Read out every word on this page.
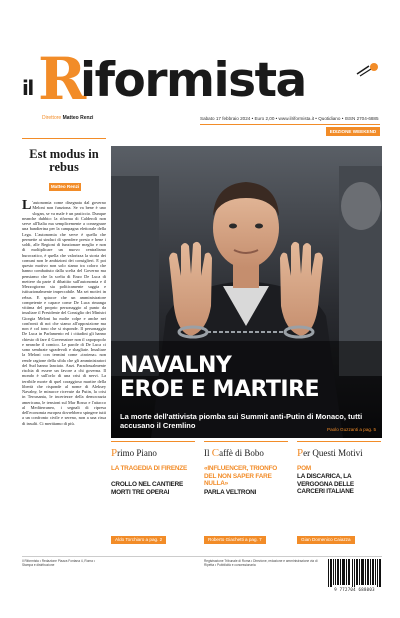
il R
iformista
Direttore Matteo Renzi	Sabato 17 febbraio 2024 • Euro 2,00 • www.ilriformista.it • Quotidiano • ISSN 2704-6885
EDIZIONE WEEKEND
Est modus in rebus
Matteo Renzi
L 'autonomia come disegnata dal governo Meloni non funziona. Se va bene è uno slogan, se va male è un pasticcio. Dunque neanche dubbio: la riforma di Calderoli non serve all'Italia ma semplicemente a consegnare una bandierina per la campagna elettorale della Lega. L'autonomia che serve è quella che permette ai sindaci di spendere presto e bene i soldi, alle Regioni di funzionare meglio e non di moltiplicare un nuovo centralismo burocratico, è quella che valorizza la storia dei comuni non le ambizioni dei consiglieri. E poi questo motivo non solo siamo tra coloro che hanno combattuto dalla scelta del Governo ma pensiamo che la scelta di Enzo De Luca di mettere da parte il dibattito sull'autonomia e il Mezzogiorno sia politicamente saggia e istituzionalmente impeccabile. Ma sei motivi in rebus. E spiacce che un amministratore competente e capace come De Luca rimanga vittima del proprio personaggio al punto da insultare il Presidente del Consiglio dei Ministri Giorgia Meloni ha molte colpe e anche nei confronti di noi che siamo all'opposizione ma non è col tono che si risponde. Il personaggio De Luca in Parlamento ed i cittadini gli hanno chiesto di fare il Governatore non il capopopolo e neanche il comico. Le parole di De Luca ci sono sembrate sgradevoli e sbagliate. Insultare la Meloni con termini come «troiena» non rende ragione della sfida che gli amministratori del Sud hanno lanciato. Anzi. Paradossalmente rischia di essere un favore a chi governa. Il mondo è sull'orlo di una crisi di nervi. La terribile morte di quel coraggioso martire della libertà che risponde al nome di Aleksey Navalny, le minacce ricevute da Putin, la crisi in Terrasanta, le incertezze della democrazia americana, le tensioni sul Mar Rosso e l'attacco al Mediterraneo, i segnali di ripresa dell'economia europea dovrebbero spingere tutti a un confronto civile e sereno, non a una rissa di insulti. Ci meritiamo di più.
NAVALNY
EROE E MARTIRE
La morte dell'attivista piomba sui Summit anti-Putin di Monaco, tutti accusano il Cremlino	Paolo Guzzanti a pag. 5
Primo Piano
LA TRAGEDIA DI FIRENZE
CROLLO NEL CANTIERE MORTI TRE OPERAI
Aldo Torchiaro a pag. 2
Il Caffè di Bobo
«INFLUENCER, TRIONFO DEL NON SAPER FARE NULLA»
PARLA VELTRONI
Roberto Giachetti a pag. 7
Per Questi Motivi
POM
LA DISCARICA, LA VERGOGNA DELLE CARCERI ITALIANE
Gian Domenico Caiazza
Il Riformista • Redazione Piazza Fontana 4, Roma • Stampa e distribuzione
Registrazione Tribunale di Roma • Direzione, redazione e amministrazione via di Ripetta • Pubblicità e concessionaria
9 772704 688003
